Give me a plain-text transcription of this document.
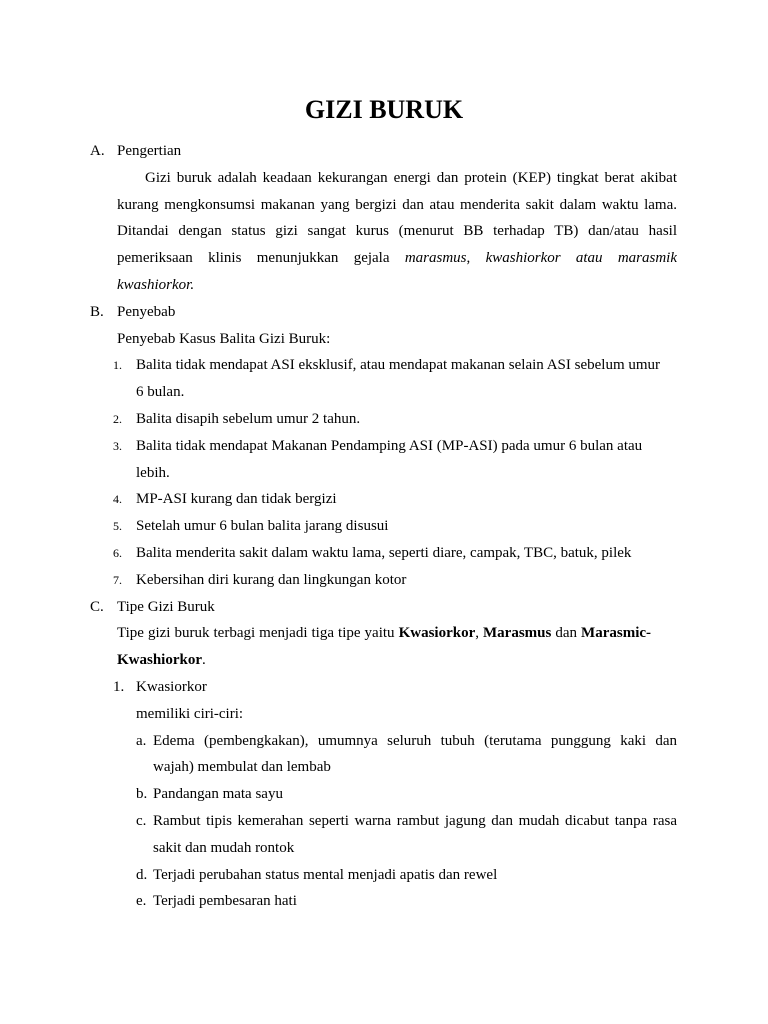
GIZI BURUK
A. Pengertian
Gizi buruk adalah keadaan kekurangan energi dan protein (KEP) tingkat berat akibat
kurang mengkonsumsi makanan yang bergizi dan atau menderita sakit dalam waktu lama.
Ditandai dengan status gizi sangat kurus (menurut BB terhadap TB) dan/atau hasil
pemeriksaan klinis menunjukkan gejala marasmus, kwashiorkor atau marasmik
kwashiorkor.
B. Penyebab
Penyebab Kasus Balita Gizi Buruk:
1. Balita tidak mendapat ASI eksklusif, atau mendapat makanan selain ASI sebelum umur
6 bulan.
2. Balita disapih sebelum umur 2 tahun.
3. Balita tidak mendapat Makanan Pendamping ASI (MP-ASI) pada umur 6 bulan atau
lebih.
4. MP-ASI kurang dan tidak bergizi
5. Setelah umur 6 bulan balita jarang disusui
6. Balita menderita sakit dalam waktu lama, seperti diare, campak, TBC, batuk, pilek
7. Kebersihan diri kurang dan lingkungan kotor
C. Tipe Gizi Buruk
Tipe gizi buruk terbagi menjadi tiga tipe yaitu Kwasiorkor, Marasmus dan Marasmic-
Kwashiorkor.
1. Kwasiorkor
memiliki ciri-ciri:
a. Edema (pembengkakan), umumnya seluruh tubuh (terutama punggung kaki dan
wajah) membulat dan lembab
b. Pandangan mata sayu
c. Rambut tipis kemerahan seperti warna rambut jagung dan mudah dicabut tanpa rasa
sakit dan mudah rontok
d. Terjadi perubahan status mental menjadi apatis dan rewel
e. Terjadi pembesaran hati
